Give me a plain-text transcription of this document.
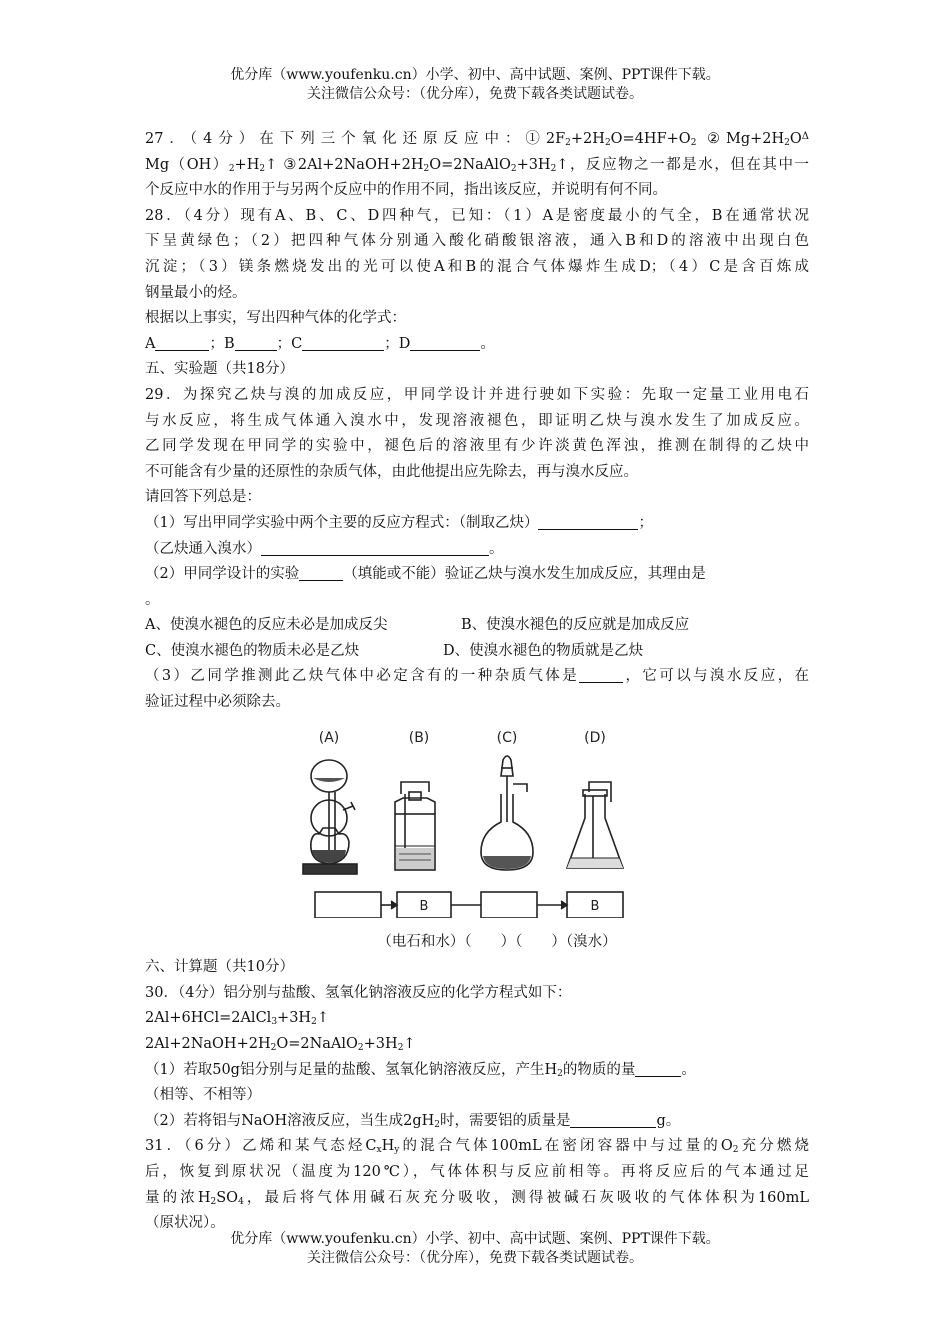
优分库（www.youfenku.cn）小学、初中、高中试题、案例、PPT课件下载。
关注微信公众号：（优分库），免费下载各类试题试卷。
27．（4分）在下列三个氧化还原反应中：$①2F_2+2H_2O=4HF+O_2$ $②Mg+2H_2O^\Delta$
$Mg(OH)_2+H_2↑$ $③2Al+2NaOH+2H_2O=2NaAlO_2+3H_2↑$，反应物之一都是水，但在其中一
个反应中水的作用于与另两个反应中的作用不同，指出该反应，并说明有何不同。
28．（4分）现有A、B、C、D四种气，已知：（1）A是密度最小的气全，B在通常状况
下呈黄绿色；（2）把四种气体分别通入酸化硝酸银溶液，通入B和D的溶液中出现白色
沉淀；（3）镁条燃烧发出的光可以使A和B的混合气体爆炸生成D；（4）C是含百炼成
钢量最小的烃。
根据以上事实，写出四种气体的化学式：
A	；B	；C	；D	。
五、实验题（共18分）
29．为探究乙炔与溴的加成反应，甲同学设计并进行驶如下实验：先取一定量工业用电石
与水反应，将生成气体通入溴水中，发现溶液褪色，即证明乙炔与溴水发生了加成反应。
乙同学发现在甲同学的实验中，褪色后的溶液里有少许淡黄色浑浊，推测在制得的乙炔中
不可能含有少量的还原性的杂质气体，由此他提出应先除去，再与溴水反应。
请回答下列总是：
（1）写出甲同学实验中两个主要的反应方程式：（制取乙炔）	；
（乙炔通入溴水）	。
（2）甲同学设计的实验	（填能或不能）验证乙炔与溴水发生加成反应，其理由是
。
A、使溴水褪色的反应未必是加成反尖	B、使溴水褪色的反应就是加成反应
C、使溴水褪色的物质未必是乙炔	D、使溴水褪色的物质就是乙炔
（3）乙同学推测此乙炔气体中必定含有的一种杂质气体是	，它可以与溴水反应，在
验证过程中必须除去。
(A)	(B)	(C)	(D)
B	B
（电石和水）（　　）（　　）（溴水）
六、计算题（共10分）
30．（4分）铝分别与盐酸、氢氧化钠溶液反应的化学方程式如下：
$2Al+6HCl=2AlCl_3+3H_2↑$
$2Al+2NaOH+2H_2O=2NaAlO_2+3H_2↑$
（1）若取50g铝分别与足量的盐酸、氢氧化钠溶液反应，产生$H_2$的物质的量	。
（相等、不相等）
（2）若将铝与NaOH溶液反应，当生成$2gH_2$时，需要铝的质量是	g。
31．（6分）乙烯和某气态烃$C_xH_y$的混合气体100mL在密闭容器中与过量的$O_2$充分燃烧
后，恢复到原状况（温度为120℃），气体体积与反应前相等。再将反应后的气本通过足
量的浓$H_2SO_4$，最后将气体用碱石灰充分吸收，测得被碱石灰吸收的气体体积为160mL
（原状况）。
优分库（www.youfenku.cn）小学、初中、高中试题、案例、PPT课件下载。
关注微信公众号：（优分库），免费下载各类试题试卷。
